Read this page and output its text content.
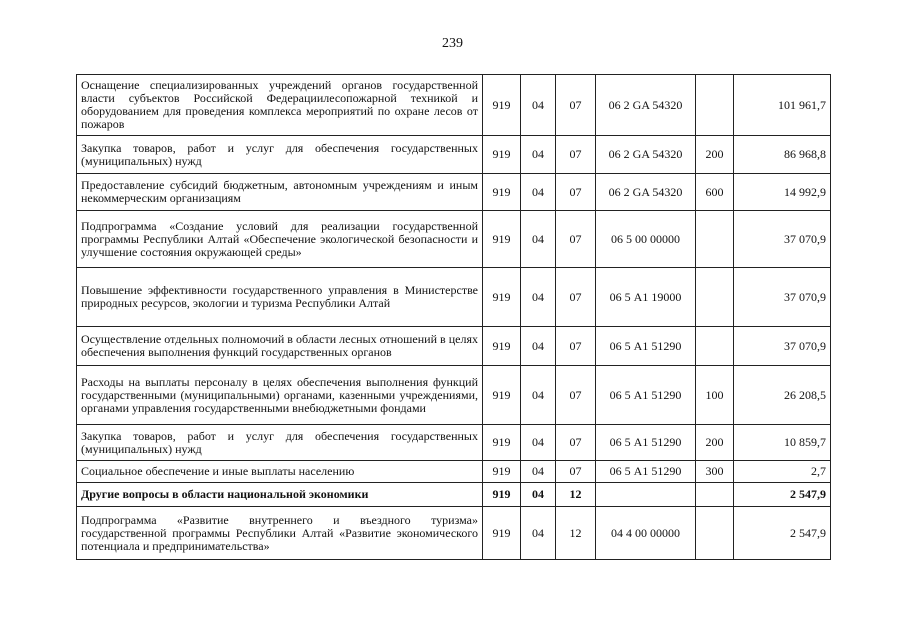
239
Оснащение специализированных учреждений органов государственной власти субъектов Российской Федерациилесопожарной техникой и оборудованием для проведения комплекса мероприятий по охране лесов от пожаров	919	04	07	06 2 GA 54320		101 961,7
Закупка товаров, работ и услуг для обеспечения государственных (муниципальных) нужд	919	04	07	06 2 GA 54320	200	86 968,8
Предоставление субсидий бюджетным, автономным учреждениям и иным некоммерческим организациям	919	04	07	06 2 GA 54320	600	14 992,9
Подпрограмма «Создание условий для реализации государственной программы Республики Алтай «Обеспечение экологической безопасности и улучшение состояния окружающей среды»	919	04	07	06 5 00 00000		37 070,9
Повышение эффективности государственного управления в Министерстве природных ресурсов, экологии и туризма Республики Алтай	919	04	07	06 5 А1 19000		37 070,9
Осуществление отдельных полномочий в области лесных отношений в целях обеспечения выполнения функций государственных органов	919	04	07	06 5 А1 51290		37 070,9
Расходы на выплаты персоналу в целях обеспечения выполнения функций государственными (муниципальными) органами, казенными учреждениями, органами управления государственными внебюджетными фондами	919	04	07	06 5 А1 51290	100	26 208,5
Закупка товаров, работ и услуг для обеспечения государственных (муниципальных) нужд	919	04	07	06 5 А1 51290	200	10 859,7
Социальное обеспечение и иные выплаты населению	919	04	07	06 5 А1 51290	300	2,7
Другие вопросы в области национальной экономики	919	04	12			2 547,9
Подпрограмма «Развитие внутреннего и въездного туризма» государственной программы Республики Алтай «Развитие экономического потенциала и предпринимательства»	919	04	12	04 4 00 00000		2 547,9
